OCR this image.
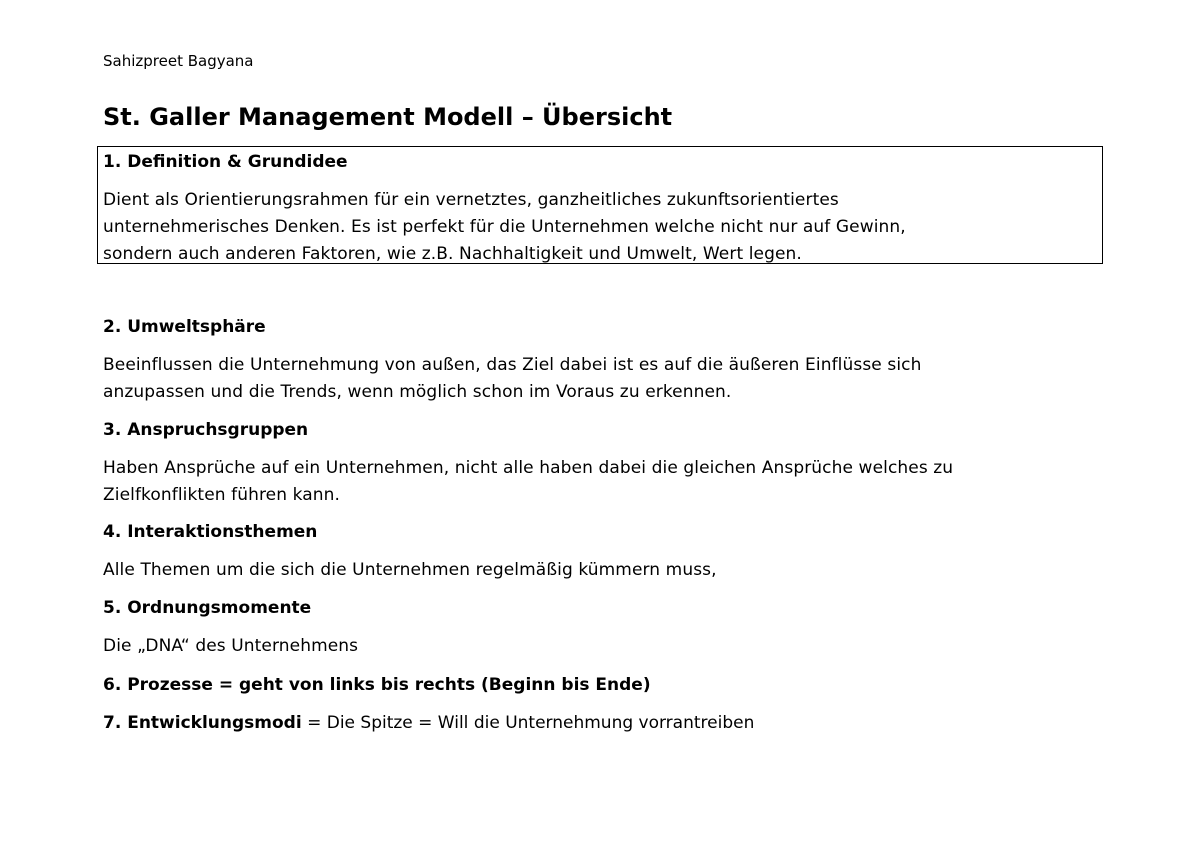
Sahizpreet Bagyana
St. Galler Management Modell – Übersicht
1. Definition & Grundidee
Dient als Orientierungsrahmen für ein vernetztes, ganzheitliches zukunftsorientiertes
unternehmerisches Denken. Es ist perfekt für die Unternehmen welche nicht nur auf Gewinn,
sondern auch anderen Faktoren, wie z.B. Nachhaltigkeit und Umwelt, Wert legen.
2. Umweltsphäre
Beeinflussen die Unternehmung von außen, das Ziel dabei ist es auf die äußeren Einflüsse sich
anzupassen und die Trends, wenn möglich schon im Voraus zu erkennen.
3. Anspruchsgruppen
Haben Ansprüche auf ein Unternehmen, nicht alle haben dabei die gleichen Ansprüche welches zu
Zielfkonflikten führen kann.
4. Interaktionsthemen
Alle Themen um die sich die Unternehmen regelmäßig kümmern muss,
5. Ordnungsmomente
Die „DNA“ des Unternehmens
6. Prozesse = geht von links bis rechts (Beginn bis Ende)
7. Entwicklungsmodi = Die Spitze = Will die Unternehmung vorrantreiben
